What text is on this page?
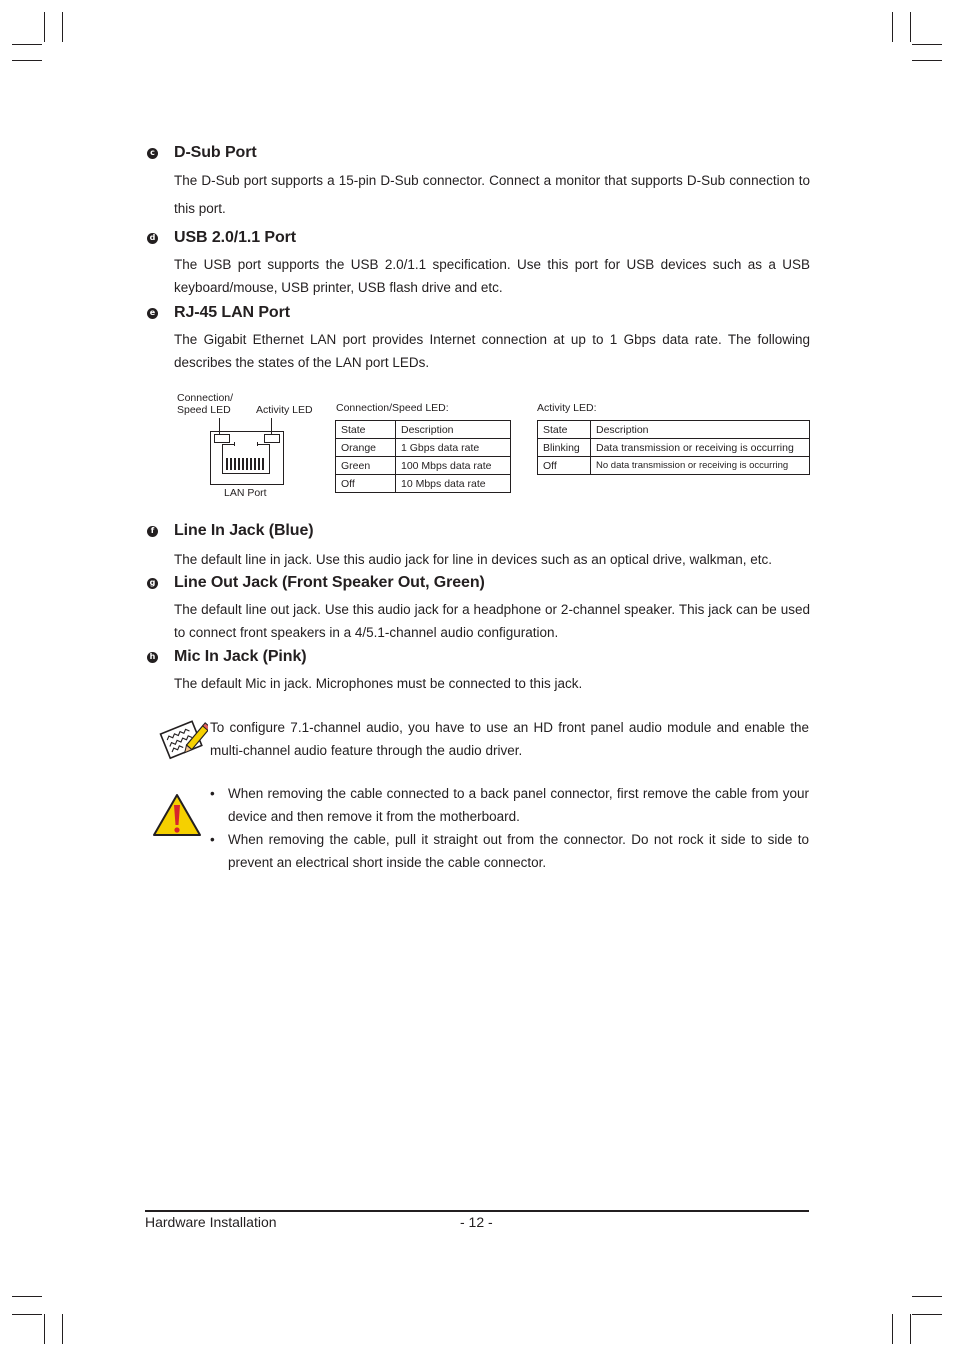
c D-Sub Port
The D-Sub port supports a 15-pin D-Sub connector. Connect a monitor that supports D-Sub connection to this port.
d USB 2.0/1.1 Port
The USB port supports the USB 2.0/1.1 specification. Use this port for USB devices such as a USB keyboard/mouse, USB printer, USB flash drive and etc.
e RJ-45 LAN Port
The Gigabit Ethernet LAN port provides Internet connection at up to 1 Gbps data rate. The following describes the states of the LAN port LEDs.
Connection/
Speed LED Activity LED
LAN Port
Connection/Speed LED:
State	Description
Orange	1 Gbps data rate
Green	100 Mbps data rate
Off	10 Mbps data rate
Activity LED:
State	Description
Blinking	Data transmission or receiving is occurring
Off	No data transmission or receiving is occurring
f Line In Jack (Blue)
The default line in jack. Use this audio jack for line in devices such as an optical drive, walkman, etc.
g Line Out Jack (Front Speaker Out, Green)
The default line out jack. Use this audio jack for a headphone or 2-channel speaker. This jack can be used to connect front speakers in a 4/5.1-channel audio configuration.
h Mic In Jack (Pink)
The default Mic in jack. Microphones must be connected to this jack.
To configure 7.1-channel audio, you have to use an HD front panel audio module and enable the multi-channel audio feature through the audio driver.
• When removing the cable connected to a back panel connector, first remove the cable from your device and then remove it from the motherboard.
• When removing the cable, pull it straight out from the connector. Do not rock it side to side to prevent an electrical short inside the cable connector.
Hardware Installation	- 12 -
